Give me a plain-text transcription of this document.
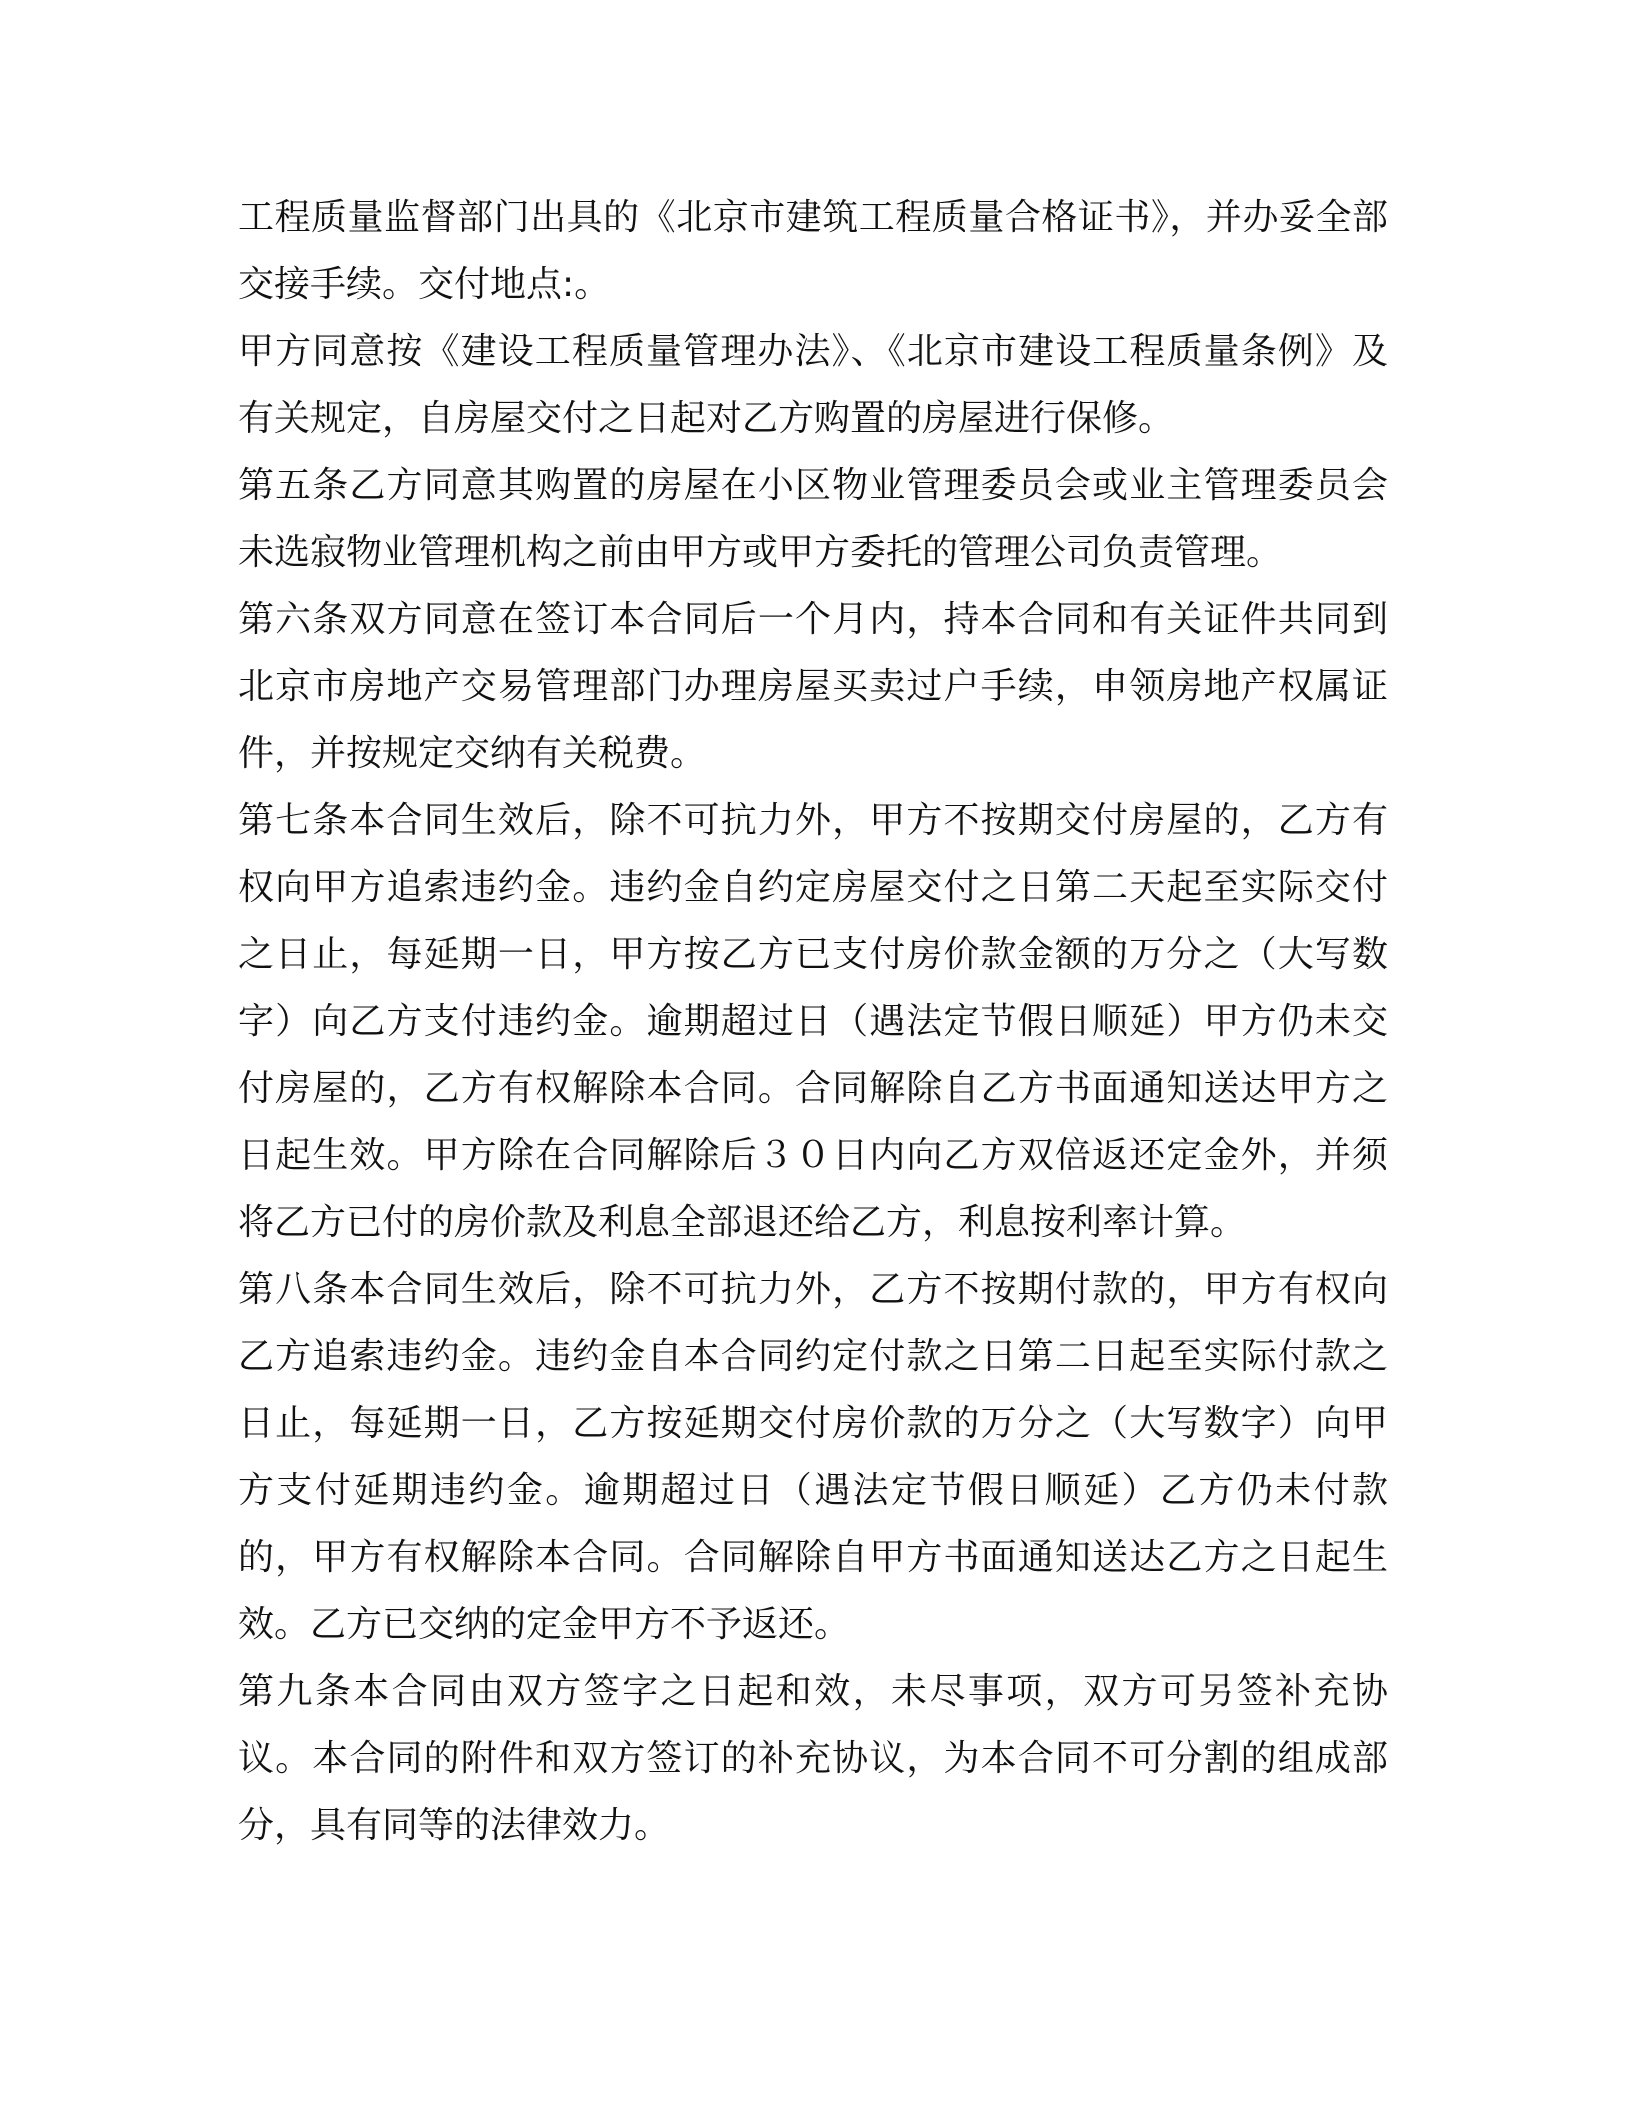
工程质量监督部门出具的《北京市建筑工程质量合格证书》，并办妥全部交接手续。交付地点:。

甲方同意按《建设工程质量管理办法》、《北京市建设工程质量条例》及有关规定，自房屋交付之日起对乙方购置的房屋进行保修。

第五条乙方同意其购置的房屋在小区物业管理委员会或业主管理委员会未选寂物业管理机构之前由甲方或甲方委托的管理公司负责管理。

第六条双方同意在签订本合同后一个月内，持本合同和有关证件共同到北京市房地产交易管理部门办理房屋买卖过户手续，申领房地产权属证件，并按规定交纳有关税费。

第七条本合同生效后，除不可抗力外，甲方不按期交付房屋的，乙方有权向甲方追索违约金。违约金自约定房屋交付之日第二天起至实际交付之日止，每延期一日，甲方按乙方已支付房价款金额的万分之（大写数字）向乙方支付违约金。逾期超过日（遇法定节假日顺延）甲方仍未交付房屋的，乙方有权解除本合同。合同解除自乙方书面通知送达甲方之日起生效。甲方除在合同解除后３０日内向乙方双倍返还定金外，并须将乙方已付的房价款及利息全部退还给乙方，利息按利率计算。

第八条本合同生效后，除不可抗力外，乙方不按期付款的，甲方有权向乙方追索违约金。违约金自本合同约定付款之日第二日起至实际付款之日止，每延期一日，乙方按延期交付房价款的万分之（大写数字）向甲方支付延期违约金。逾期超过日（遇法定节假日顺延）乙方仍未付款的，甲方有权解除本合同。合同解除自甲方书面通知送达乙方之日起生效。乙方已交纳的定金甲方不予返还。

第九条本合同由双方签字之日起和效，未尽事项，双方可另签补充协议。本合同的附件和双方签订的补充协议，为本合同不可分割的组成部分，具有同等的法律效力。
